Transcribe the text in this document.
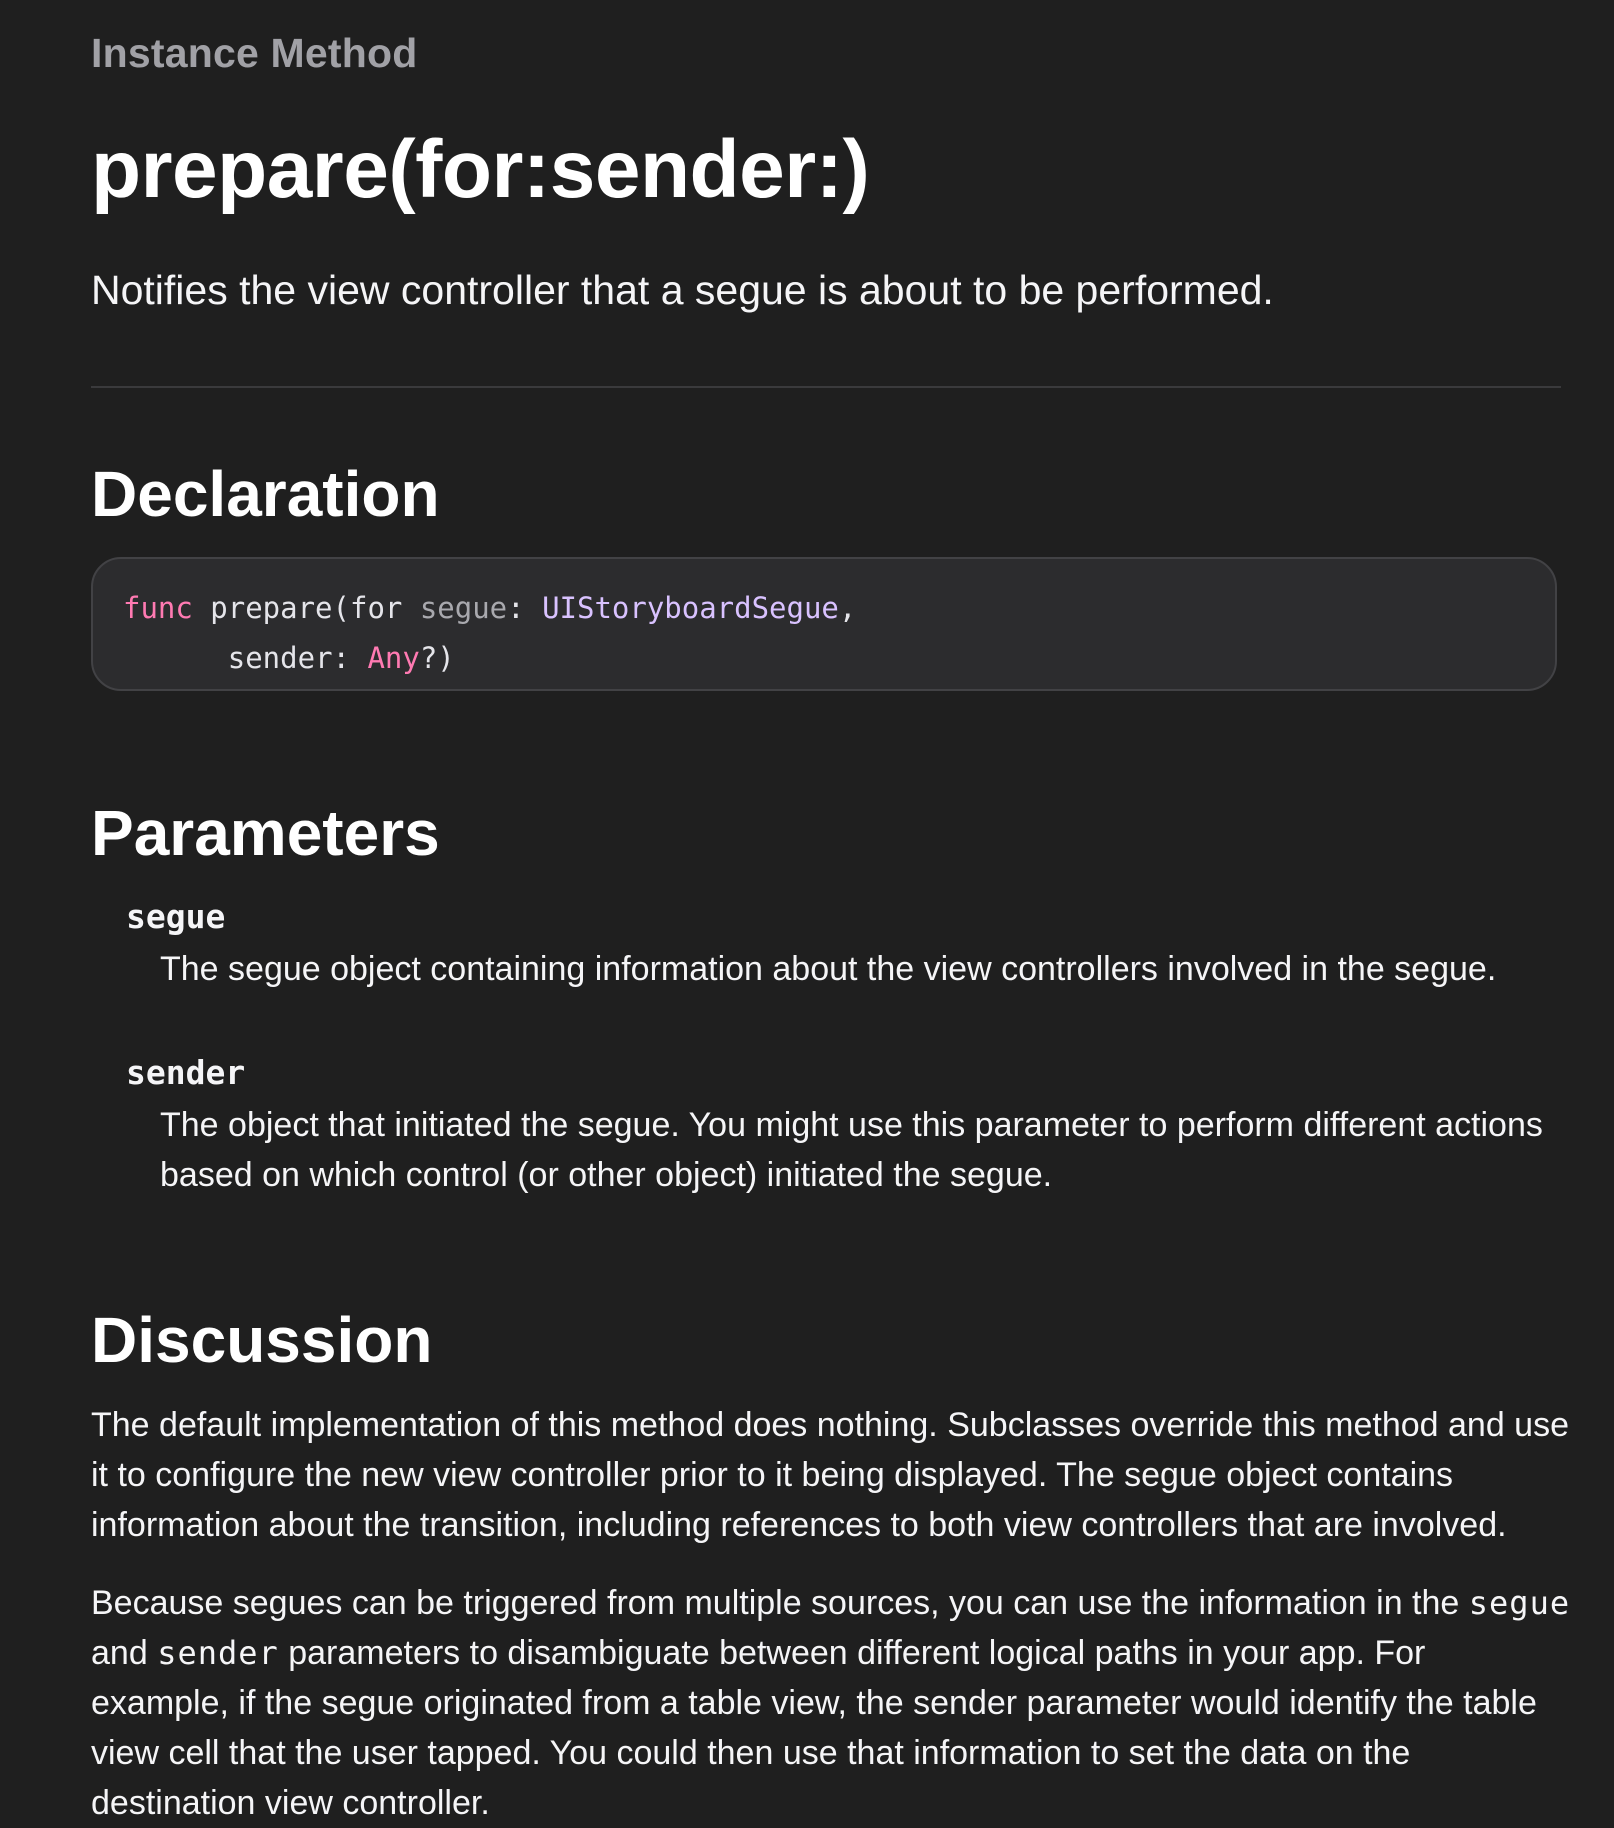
Instance Method
prepare(for:sender:)
Notifies the view controller that a segue is about to be performed.
Declaration
func prepare(for segue: UIStoryboardSegue,
sender: Any?)
Parameters
segue
The segue object containing information about the view controllers involved in the segue.
sender
The object that initiated the segue. You might use this parameter to perform different actions based on which control (or other object) initiated the segue.
Discussion
The default implementation of this method does nothing. Subclasses override this method and use it to configure the new view controller prior to it being displayed. The segue object contains information about the transition, including references to both view controllers that are involved.
Because segues can be triggered from multiple sources, you can use the information in the segue and sender parameters to disambiguate between different logical paths in your app. For example, if the segue originated from a table view, the sender parameter would identify the table view cell that the user tapped. You could then use that information to set the data on the destination view controller.
